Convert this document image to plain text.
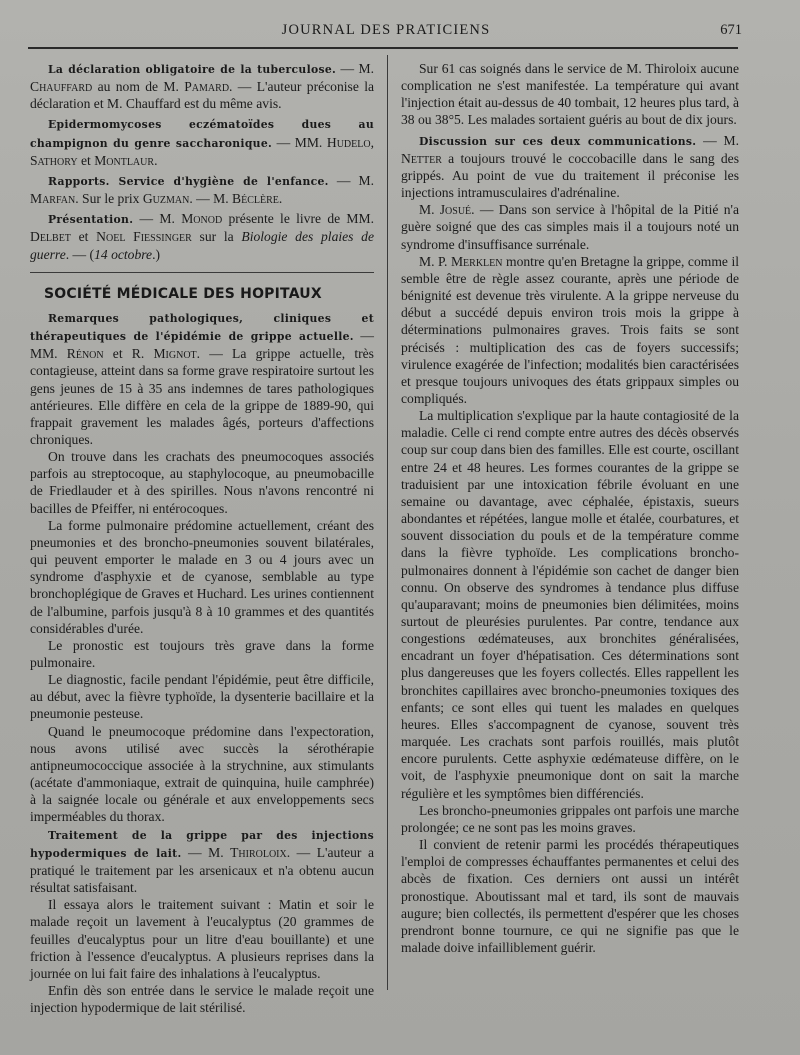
JOURNAL DES PRATICIENS	671

La déclaration obligatoire de la tuberculose. — M. Chauffard au nom de M. Pamard. — L'auteur préconise la déclaration et M. Chauffard est du même avis.

Epidermomycoses eczématoïdes dues au champignon du genre saccharonique. — MM. Hudelo, Sathory et Montlaur.

Rapports. Service d'hygiène de l'enfance. — M. Marfan. Sur le prix Guzman. — M. Béclère.

Présentation. — M. Monod présente le livre de MM. Delbet et Noel Fiessinger sur la Biologie des plaies de guerre. — (14 octobre.)

SOCIÉTÉ MÉDICALE DES HOPITAUX

Remarques pathologiques, cliniques et thérapeutiques de l'épidémie de grippe actuelle. — MM. Rénon et R. Mignot. — La grippe actuelle, très contagieuse, atteint dans sa forme grave respiratoire surtout les gens jeunes de 15 à 35 ans indemnes de tares pathologiques antérieures. Elle diffère en cela de la grippe de 1889-90, qui frappait gravement les malades âgés, porteurs d'affections chroniques.

On trouve dans les crachats des pneumocoques associés parfois au streptocoque, au staphylocoque, au pneumobacille de Friedlauder et à des spirilles. Nous n'avons rencontré ni bacilles de Pfeiffer, ni entérocoques.

La forme pulmonaire prédomine actuellement, créant des pneumonies et des broncho-pneumonies souvent bilatérales, qui peuvent emporter le malade en 3 ou 4 jours avec un syndrome d'asphyxie et de cyanose, semblable au type bronchoplégique de Graves et Huchard. Les urines contiennent de l'albumine, parfois jusqu'à 8 à 10 grammes et des quantités considérables d'urée.

Le pronostic est toujours très grave dans la forme pulmonaire.

Le diagnostic, facile pendant l'épidémie, peut être difficile, au début, avec la fièvre typhoïde, la dysenterie bacillaire et la pneumonie pesteuse.

Quand le pneumocoque prédomine dans l'expectoration, nous avons utilisé avec succès la sérothérapie antipneumococcique associée à la strychnine, aux stimulants (acétate d'ammoniaque, extrait de quinquina, huile camphrée) à la saignée locale ou générale et aux enveloppements secs imperméables du thorax.

Traitement de la grippe par des injections hypodermiques de lait. — M. Thiroloix. — L'auteur a pratiqué le traitement par les arsenicaux et n'a obtenu aucun résultat satisfaisant.

Il essaya alors le traitement suivant : Matin et soir le malade reçoit un lavement à l'eucalyptus (20 grammes de feuilles d'eucalyptus pour un litre d'eau bouillante) et une friction à l'essence d'eucalyptus. A plusieurs reprises dans la journée on lui fait faire des inhalations à l'eucalyptus.

Enfin dès son entrée dans le service le malade reçoit une injection hypodermique de lait stérilisé.

Sur 61 cas soignés dans le service de M. Thiroloix aucune complication ne s'est manifestée. La température qui avant l'injection était au-dessus de 40 tombait, 12 heures plus tard, à 38 ou 38°5. Les malades sortaient guéris au bout de dix jours.

Discussion sur ces deux communications. — M. Netter a toujours trouvé le coccobacille dans le sang des grippés. Au point de vue du traitement il préconise les injections intramusculaires d'adrénaline.

M. Josué. — Dans son service à l'hôpital de la Pitié n'a guère soigné que des cas simples mais il a toujours noté un syndrome d'insuffisance surrénale.

M. P. Merklen montre qu'en Bretagne la grippe, comme il semble être de règle assez courante, après une période de bénignité est devenue très virulente. A la grippe nerveuse du début a succédé depuis environ trois mois la grippe à déterminations pulmonaires graves. Trois faits se sont précisés : multiplication des cas de foyers successifs; virulence exagérée de l'infection; modalités bien caractérisées et presque toujours univoques des états grippaux simples ou compliqués.

La multiplication s'explique par la haute contagiosité de la maladie. Celle ci rend compte entre autres des décès observés coup sur coup dans bien des familles. Elle est courte, oscillant entre 24 et 48 heures. Les formes courantes de la grippe se traduisient par une intoxication fébrile évoluant en une semaine ou davantage, avec céphalée, épistaxis, sueurs abondantes et répétées, langue molle et étalée, courbatures, et souvent dissociation du pouls et de la température comme dans la fièvre typhoïde. Les complications broncho-pulmonaires donnent à l'épidémie son cachet de danger bien connu. On observe des syndromes à tendance plus diffuse qu'auparavant; moins de pneumonies bien délimitées, moins surtout de pleurésies purulentes. Par contre, tendance aux congestions œdémateuses, aux bronchites généralisées, encadrant un foyer d'hépatisation. Ces déterminations sont plus dangereuses que les foyers collectés. Elles rappellent les bronchites capillaires avec broncho-pneumonies toxiques des enfants; ce sont elles qui tuent les malades en quelques heures. Elles s'accompagnent de cyanose, souvent très marquée. Les crachats sont parfois rouillés, mais plutôt encore purulents. Cette asphyxie œdémateuse diffère, on le voit, de l'asphyxie pneumonique dont on sait la marche régulière et les symptômes bien différenciés.

Les broncho-pneumonies grippales ont parfois une marche prolongée; ce ne sont pas les moins graves.

Il convient de retenir parmi les procédés thérapeutiques l'emploi de compresses échauffantes permanentes et celui des abcès de fixation. Ces derniers ont aussi un intérêt pronostique. Aboutissant mal et tard, ils sont de mauvais augure; bien collectés, ils permettent d'espérer que les choses prendront bonne tournure, ce qui ne signifie pas que le malade doive infailliblement guérir.
